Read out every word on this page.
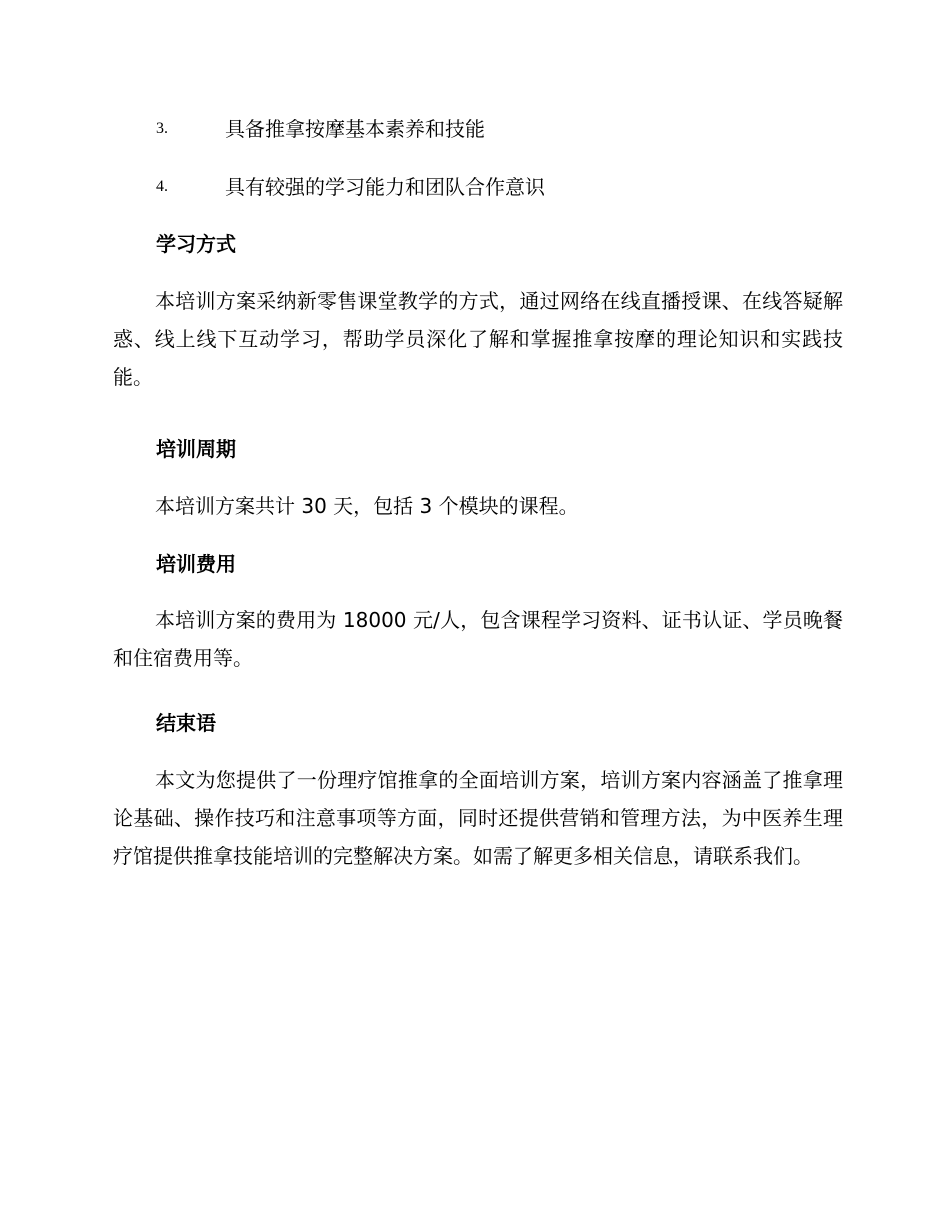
3.	具备推拿按摩基本素养和技能
4.	具有较强的学习能力和团队合作意识
学习方式

本培训方案采纳新零售课堂教学的方式，通过网络在线直播授课、在线答疑解惑、线上线下互动学习，帮助学员深化了解和掌握推拿按摩的理论知识和实践技能。

培训周期

本培训方案共计 30 天，包括 3 个模块的课程。

培训费用

本培训方案的费用为 18000 元/人，包含课程学习资料、证书认证、学员晚餐和住宿费用等。

结束语

本文为您提供了一份理疗馆推拿的全面培训方案，培训方案内容涵盖了推拿理论基础、操作技巧和注意事项等方面，同时还提供营销和管理方法，为中医养生理疗馆提供推拿技能培训的完整解决方案。如需了解更多相关信息，请联系我们。
